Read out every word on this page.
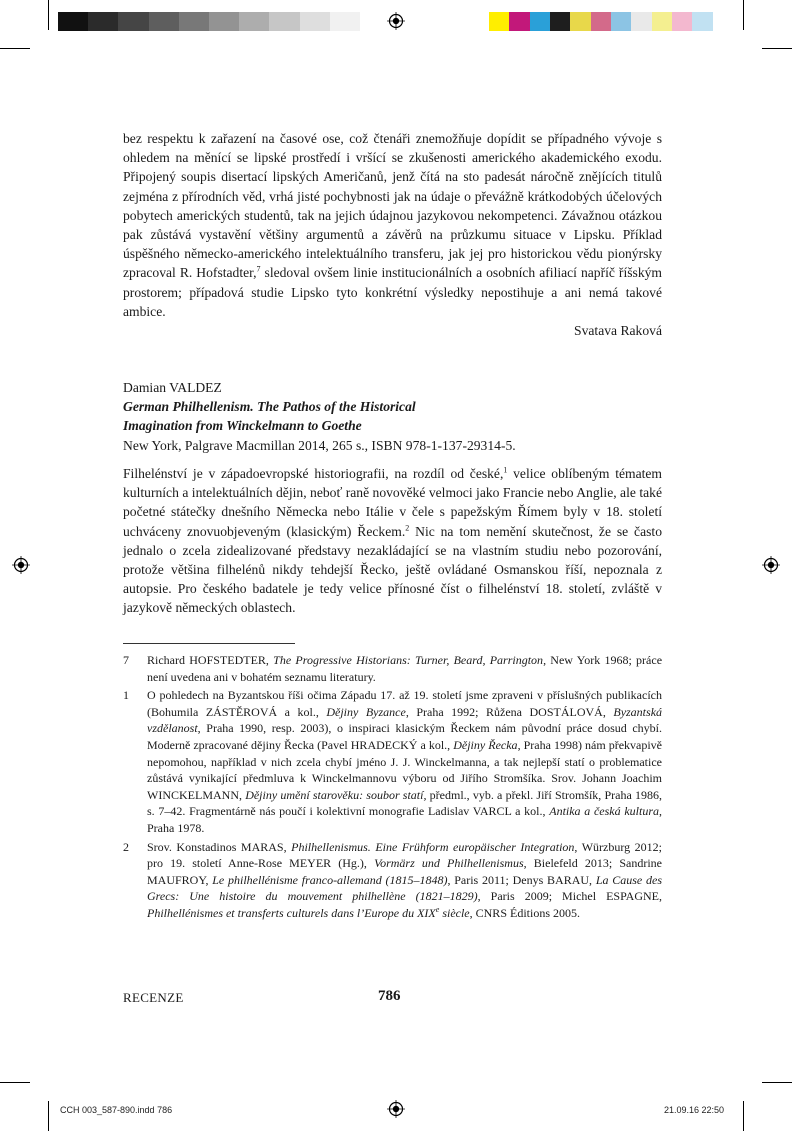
bez respektu k zařazení na časové ose, což čtenáři znemožňuje dopídit se případného vývoje s ohledem na měnící se lipské prostředí i vršící se zkušenosti amerického akademického exodu. Připojený soupis disertací lipských Američanů, jenž čítá na sto padesát náročně znějících titulů zejména z přírodních věd, vrhá jisté pochybnosti jak na údaje o převážně krátkodobých účelových pobytech amerických studentů, tak na jejich údajnou jazykovou nekompetenci. Závažnou otázkou pak zůstává vystavění většiny argumentů a závěrů na průzkumu situace v Lipsku. Příklad úspěšného německo-amerického intelektuálního transferu, jak jej pro historickou vědu pionýrsky zpracoval R. Hofstadter,$^7$ sledoval ovšem linie institucionálních a osobních afiliací napříč říšským prostorem; případová studie Lipsko tyto konkrétní výsledky nepostihuje a ani nemá takové ambice.

Svatava Raková

Damian VALDEZ
German Philhellenism. The Pathos of the Historical
Imagination from Winckelmann to Goethe
New York, Palgrave Macmillan 2014, 265 s., ISBN 978-1-137-29314-5.

Filhelénství je v západoevropské historiografii, na rozdíl od české,$^1$ velice oblíbeným tématem kulturních a intelektuálních dějin, neboť raně novověké velmoci jako Francie nebo Anglie, ale také početné státečky dnešního Německa nebo Itálie v čele s papežským Římem byly v 18. století uchváceny znovuobjeveným (klasickým) Řeckem.$^2$ Nic na tom nemění skutečnost, že se často jednalo o zcela zidealizované představy nezakládající se na vlastním studiu nebo pozorování, protože většina filhelénů nikdy tehdejší Řecko, ještě ovládané Osmanskou říší, nepoznala z autopsie. Pro českého badatele je tedy velice přínosné číst o filhelénství 18. století, zvláště v jazykově německých oblastech.

7 Richard HOFSTEDTER, The Progressive Historians: Turner, Beard, Parrington, New York 1968; práce není uvedena ani v bohatém seznamu literatury.
1 O pohledech na Byzantskou říši očima Západu 17. až 19. století jsme zpraveni v příslušných publikacích (Bohumila ZÁSTĚROVÁ a kol., Dějiny Byzance, Praha 1992; Růžena DOSTÁLOVÁ, Byzantská vzdělanost, Praha 1990, resp. 2003), o inspiraci klasickým Řeckem nám původní práce dosud chybí. Moderně zpracované dějiny Řecka (Pavel HRADECKÝ a kol., Dějiny Řecka, Praha 1998) nám překvapivě nepomohou, například v nich zcela chybí jméno J. J. Winckelmanna, a tak nejlepší statí o problematice zůstává vynikající předmluva k Winckelmannovu výboru od Jiřího Stromšíka. Srov. Johann Joachim WINCKELMANN, Dějiny umění starověku: soubor statí, předml., vyb. a překl. Jiří Stromšík, Praha 1986, s. 7–42. Fragmentárně nás poučí i kolektivní monografie Ladislav VARCL a kol., Antika a česká kultura, Praha 1978.
2 Srov. Konstadinos MARAS, Philhellenismus. Eine Frühform europäischer Integration, Würzburg 2012; pro 19. století Anne-Rose MEYER (Hg.), Vormärz und Philhellenismus, Bielefeld 2013; Sandrine MAUFROY, Le philhellénisme franco-allemand (1815–1848), Paris 2011; Denys BARAU, La Cause des Grecs: Une histoire du mouvement philhellène (1821–1829), Paris 2009; Michel ESPAGNE, Philhellénismes et transferts culturels dans l’Europe du XIXe siècle, CNRS Éditions 2005.
RECENZE	786
CCH 003_587-890.indd 786	21.09.16 22:50
